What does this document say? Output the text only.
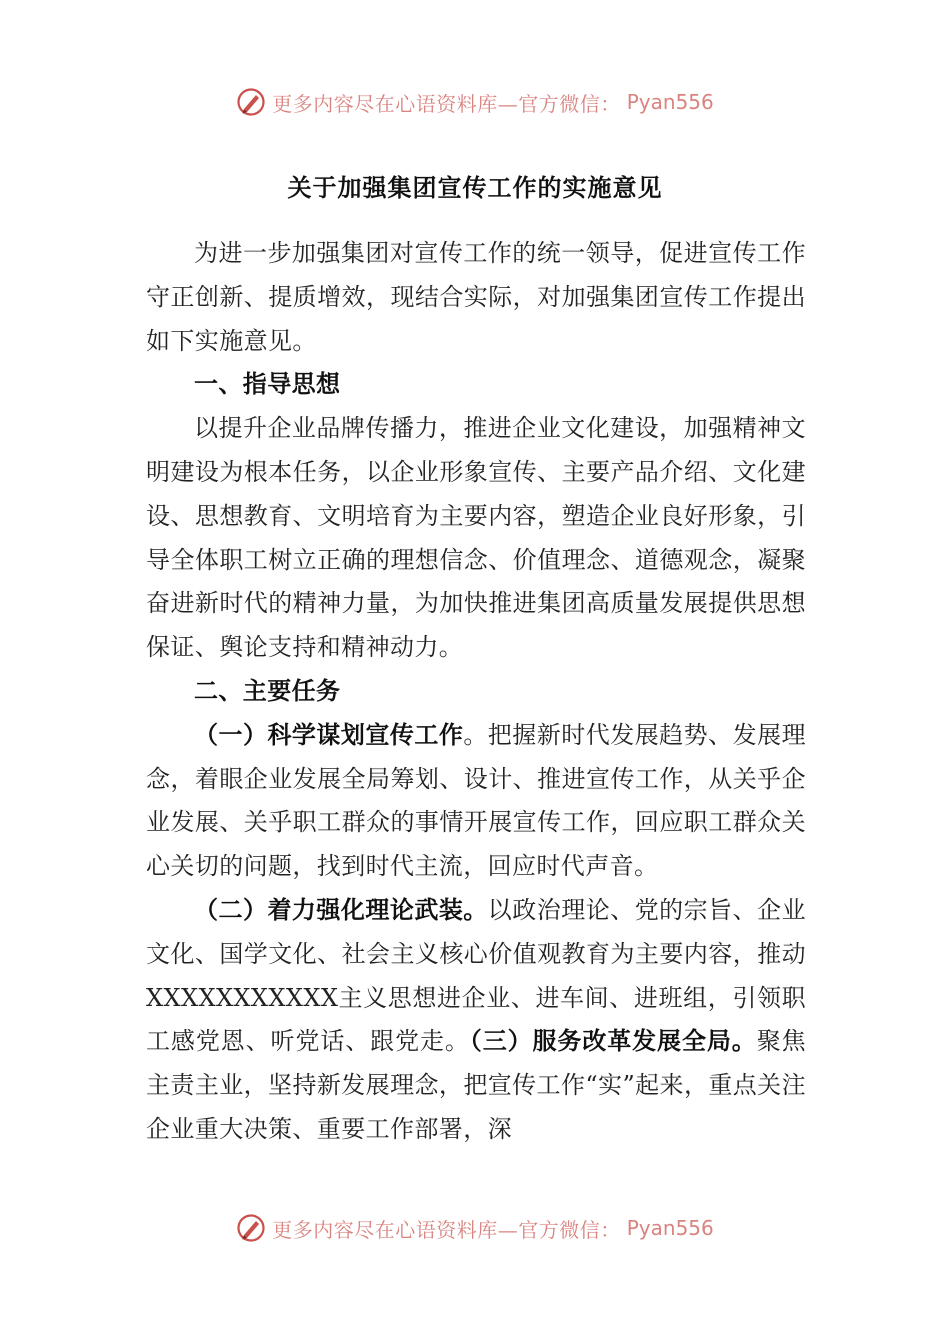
更多内容尽在心语资料库—官方微信： Pyan556
关于加强集团宣传工作的实施意见

为进一步加强集团对宣传工作的统一领导，促进宣传工作守正创新、提质增效，现结合实际，对加强集团宣传工作提出如下实施意见。

一、指导思想

以提升企业品牌传播力，推进企业文化建设，加强精神文明建设为根本任务，以企业形象宣传、主要产品介绍、文化建设、思想教育、文明培育为主要内容，塑造企业良好形象，引导全体职工树立正确的理想信念、价值理念、道德观念，凝聚奋进新时代的精神力量，为加快推进集团高质量发展提供思想保证、舆论支持和精神动力。

二、主要任务

（一）科学谋划宣传工作。把握新时代发展趋势、发展理念，着眼企业发展全局筹划、设计、推进宣传工作，从关乎企业发展、关乎职工群众的事情开展宣传工作，回应职工群众关心关切的问题，找到时代主流，回应时代声音。

（二）着力强化理论武装。以政治理论、党的宗旨、企业文化、国学文化、社会主义核心价值观教育为主要内容，推动XXXXXXXXXXX主义思想进企业、进车间、进班组，引领职工感党恩、听党话、跟党走。（三）服务改革发展全局。聚焦主责主业，坚持新发展理念，把宣传工作“实”起来，重点关注企业重大决策、重要工作部署，深

更多内容尽在心语资料库—官方微信： Pyan556
